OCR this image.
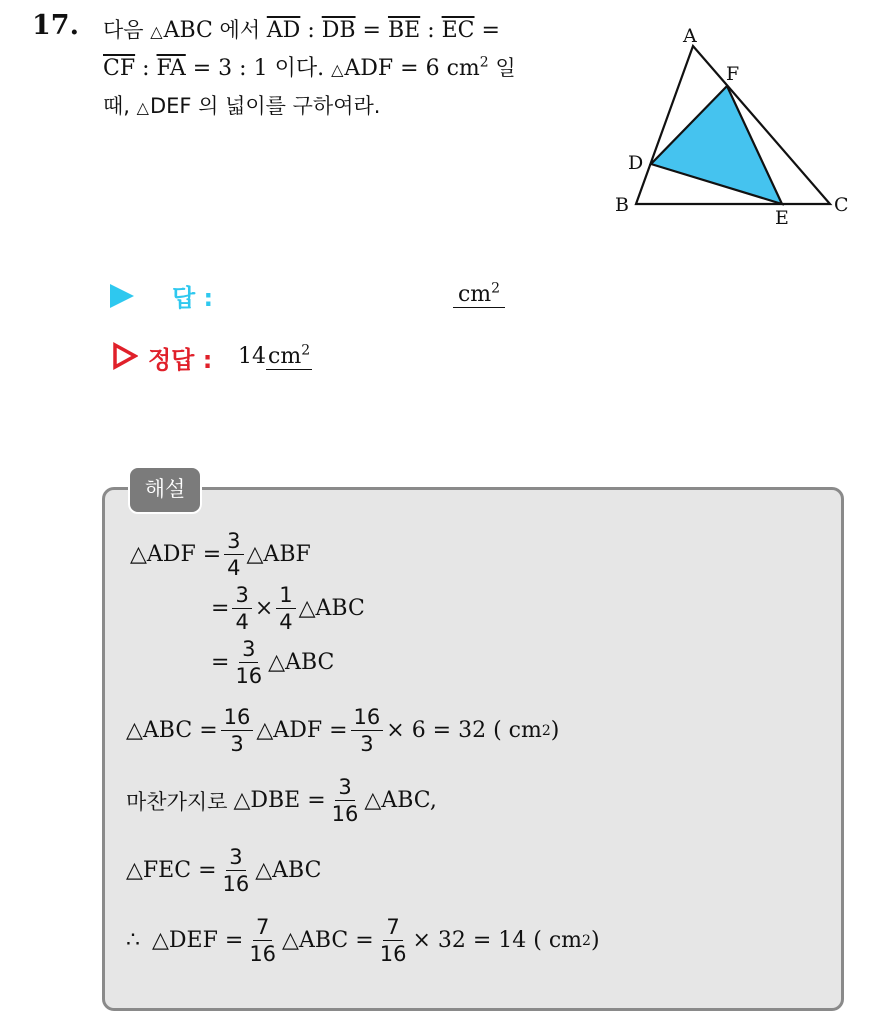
17. 다음 △ABC 에서 $\overline{AD}$ : $\overline{DB} = \overline{BE}$ : $\overline{EC}$ =
$\overline{CF}$ : $\overline{FA} = 3$ : 1 이다. △ADF = 6 $cm^2$ 일
때, △DEF 의 넓이를 구하여라.
A
F
D
B
E
C
답 :	$cm^2$
정답 : $14cm^2$
해설
△ADF = $\frac{3}{4}$ △ABF
= $\frac{3}{4} \times \frac{1}{4}$ △ABC
= $\frac{3}{16}$ △ABC
△ABC = $\frac{16}{3}$ △ADF = $\frac{16}{3} \times 6 = 32$ ( cm 2 )
마찬가지로 △DBE = $\frac{3}{16}$ △ABC,
△FEC = $\frac{3}{16}$ △ABC
∴ △DEF = $\frac{7}{16}$ △ABC = $\frac{7}{16} \times 32 = 14$ ( cm 2 )
